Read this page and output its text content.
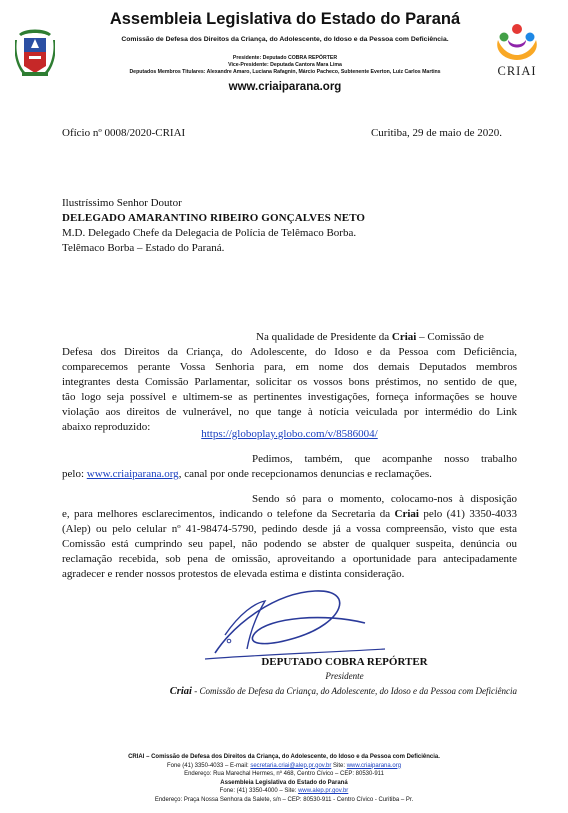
Assembleia Legislativa do Estado do Paraná
Comissão de Defesa dos Direitos da Criança, do Adolescente, do Idoso e da Pessoa com Deficiência.
Presidente: Deputado COBRA REPÓRTER
Vice-Presidente: Deputada Cantora Mara Lima
Deputados Membros Titulares: Alexandre Amaro, Luciana Rafagnin, Márcio Pacheco, Subtenente Everton, Luiz Carlos Martins
www.criaiparana.org
CRIAI
Ofício nº 0008/2020-CRIAI	Curitiba, 29 de maio de 2020.
Ilustríssimo Senhor Doutor
DELEGADO AMARANTINO RIBEIRO GONÇALVES NETO
M.D. Delegado Chefe da Delegacia de Polícia de Telêmaco Borba.
Telêmaco Borba – Estado do Paraná.
Na qualidade de Presidente da Criai – Comissão de
Defesa dos Direitos da Criança, do Adolescente, do Idoso e da Pessoa com Deficiência,
comparecemos perante Vossa Senhoria para, em nome dos demais Deputados membros
integrantes desta Comissão Parlamentar, solicitar os vossos bons préstimos, no sentido de que,
tão logo seja possível e ultimem-se as pertinentes investigações, forneça informações se houve
violação aos direitos de vulnerável, no que tange à notícia veiculada por intermédio do Link
abaixo reproduzido:
https://globoplay.globo.com/v/8586004/
Pedimos, também, que acompanhe nosso trabalho
pelo: www.criaiparana.org, canal por onde recepcionamos denuncias e reclamações.
Sendo só para o momento, colocamo-nos à disposição
e, para melhores esclarecimentos, indicando o telefone da Secretaria da Criai pelo (41) 3350-4033
(Alep) ou pelo celular nº 41-98474-5790, pedindo desde já a vossa compreensão, visto que esta
Comissão está cumprindo seu papel, não podendo se abster de qualquer suspeita, denúncia ou
reclamação recebida, sob pena de omissão, aproveitando a oportunidade para antecipadamente
agradecer e render nossos protestos de elevada estima e distinta consideração.
DEPUTADO COBRA REPÓRTER
Presidente
Criai - Comissão de Defesa da Criança, do Adolescente, do Idoso e da Pessoa com Deficiência
CRIAI – Comissão de Defesa dos Direitos da Criança, do Adolescente, do Idoso e da Pessoa com Deficiência.
Fone (41) 3350-4033 – E-mail: secretaria.criai@alep.pr.gov.br Site: www.criaiparana.org
Endereço: Rua Marechal Hermes, nº 468, Centro Cívico – CEP: 80530-911
Assembleia Legislativa do Estado do Paraná
Fone: (41) 3350-4000 – Site: www.alep.pr.gov.br
Endereço: Praça Nossa Senhora da Salete, s/n – CEP: 80530-911 - Centro Cívico - Curitiba – Pr.
